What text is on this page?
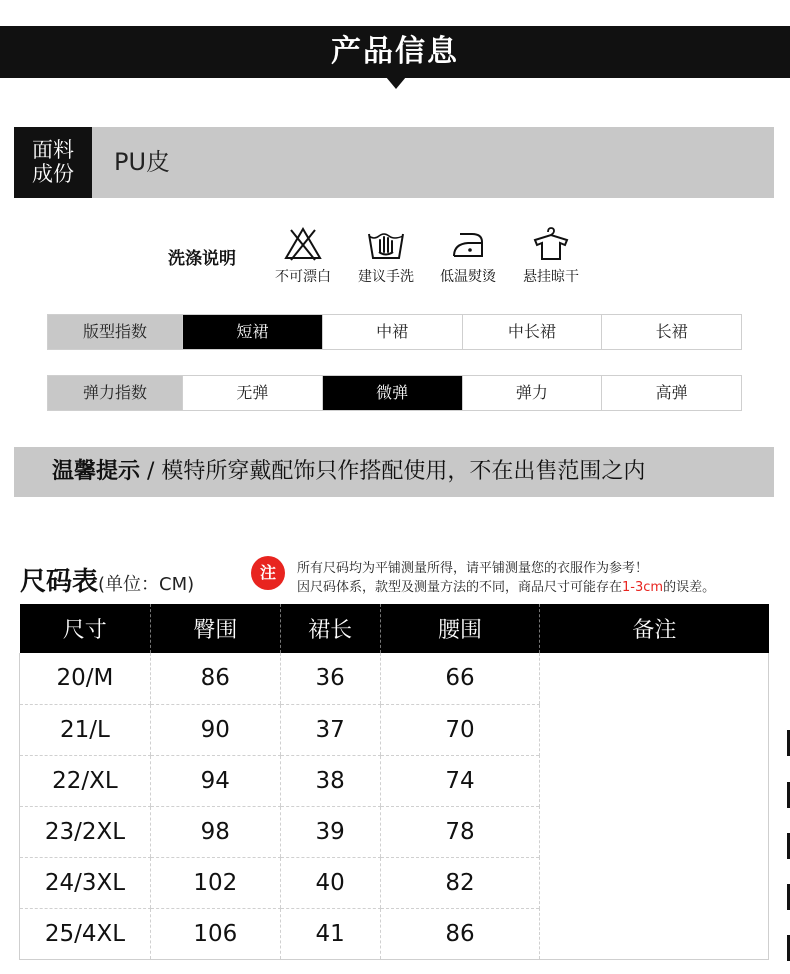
产品信息
面料
成份	PU皮
洗涤说明
不可漂白	建议手洗	低温熨烫	悬挂晾干
版型指数	短裙	中裙	中长裙	长裙
弹力指数	无弹	微弹	弹力	高弹
温馨提示 / 模特所穿戴配饰只作搭配使用，不在出售范围之内
尺码表(单位：CM)
注	所有尺码均为平铺测量所得，请平铺测量您的衣服作为参考！
因尺码体系，款型及测量方法的不同，商品尺寸可能存在1-3cm的误差。
尺寸	臀围	裙长	腰围	备注
20/M	86	36	66	
21/L	90	37	70	
22/XL	94	38	74	
23/2XL	98	39	78	
24/3XL	102	40	82	
25/4XL	106	41	86	
